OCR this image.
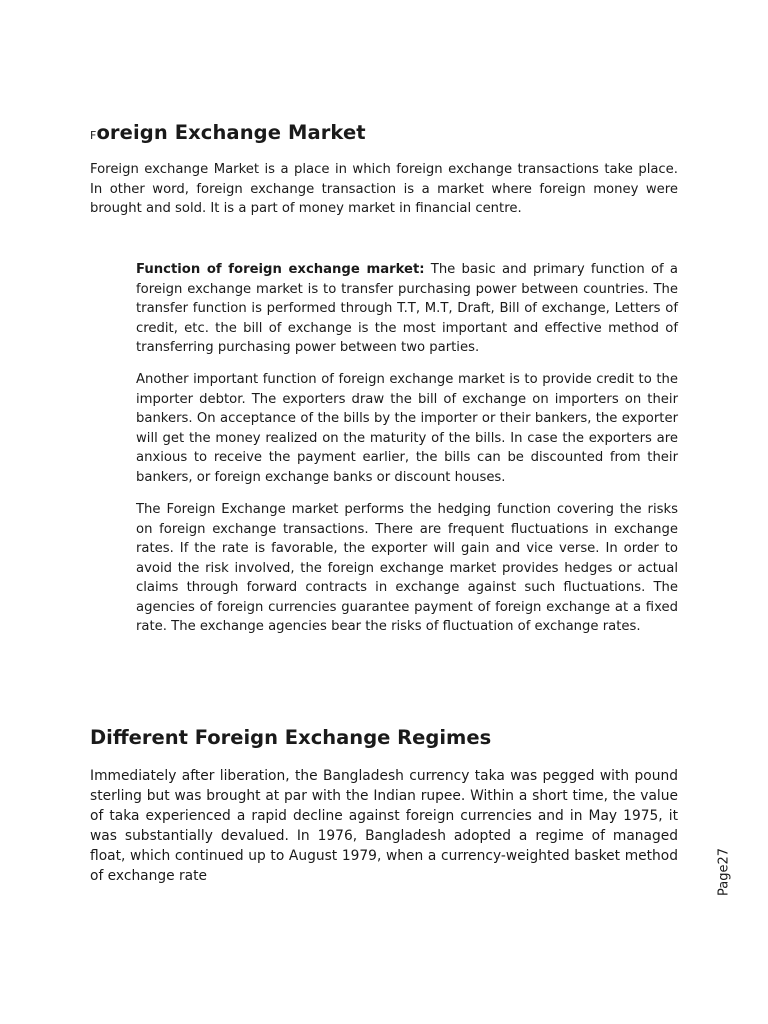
Foreign Exchange Market

Foreign exchange Market is a place in which foreign exchange transactions take place. In other word, foreign exchange transaction is a market where foreign money were brought and sold. It is a part of money market in financial centre.

Function of foreign exchange market: The basic and primary function of a foreign exchange market is to transfer purchasing power between countries. The transfer function is performed through T.T, M.T, Draft, Bill of exchange, Letters of credit, etc. the bill of exchange is the most important and effective method of transferring purchasing power between two parties.

Another important function of foreign exchange market is to provide credit to the importer debtor. The exporters draw the bill of exchange on importers on their bankers. On acceptance of the bills by the importer or their bankers, the exporter will get the money realized on the maturity of the bills. In case the exporters are anxious to receive the payment earlier, the bills can be discounted from their bankers, or foreign exchange banks or discount houses.

The Foreign Exchange market performs the hedging function covering the risks on foreign exchange transactions. There are frequent fluctuations in exchange rates. If the rate is favorable, the exporter will gain and vice verse. In order to avoid the risk involved, the foreign exchange market provides hedges or actual claims through forward contracts in exchange against such fluctuations. The agencies of foreign currencies guarantee payment of foreign exchange at a fixed rate. The exchange agencies bear the risks of fluctuation of exchange rates.

Different Foreign Exchange Regimes

Immediately after liberation, the Bangladesh currency taka was pegged with pound sterling but was brought at par with the Indian rupee. Within a short time, the value of taka experienced a rapid decline against foreign currencies and in May 1975, it was substantially devalued. In 1976, Bangladesh adopted a regime of managed float, which continued up to August 1979, when a currency-weighted basket method of exchange rate	Page27
